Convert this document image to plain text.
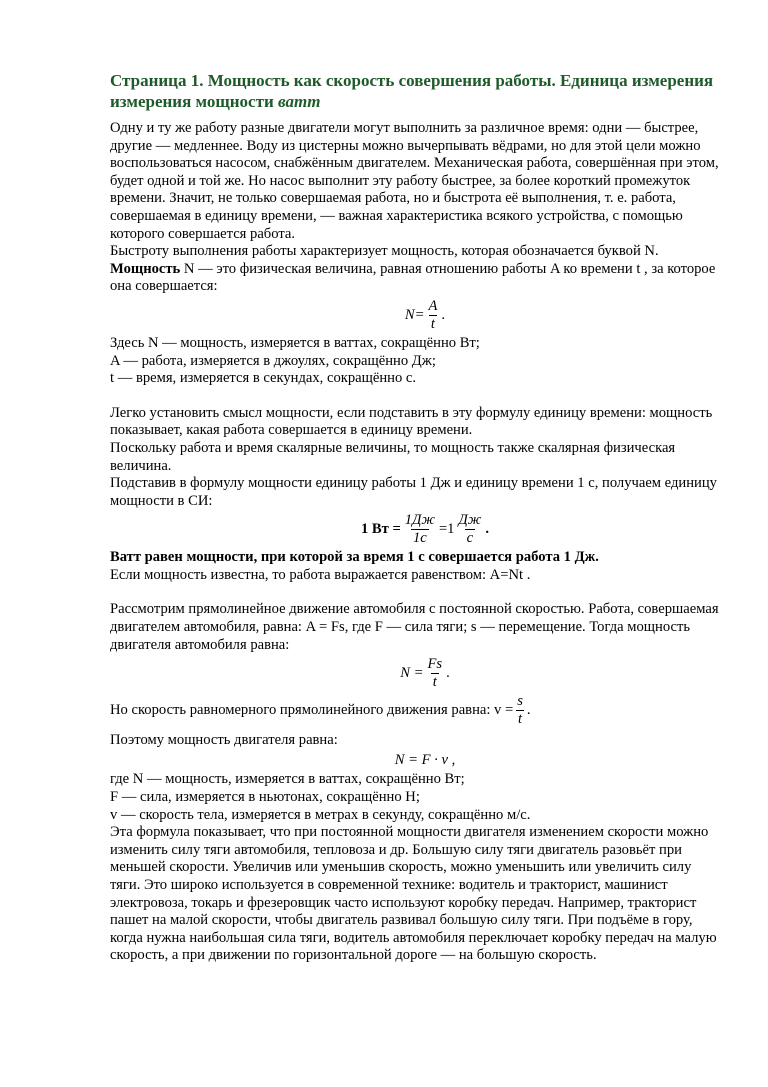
Страница 1. Мощность как скорость совершения работы. Единица измерения измерения мощности ватт

Одну и ту же работу разные двигатели могут выполнить за различное время: одни — быстрее, другие — медленнее. Воду из цистерны можно вычерпывать вёдрами, но для этой цели можно воспользоваться насосом, снабжённым двигателем. Механическая работа, совершённая при этом, будет одной и той же. Но насос выполнит эту работу быстрее, за более короткий промежуток времени. Значит, не только совершаемая работа, но и быстрота её выполнения, т. е. работа, совершаемая в единицу времени, — важная характеристика всякого устройства, с помощью которого совершается работа.

Быстроту выполнения работы характеризует мощность, которая обозначается буквой N.

Мощность N — это физическая величина, равная отношению работы A ко времени t , за которое она совершается:

$N= \frac{A}{t}$ .

Здесь N — мощность, измеряется в ваттах, сокращённо Вт;

A — работа, измеряется в джоулях, сокращённо Дж;

t — время, измеряется в секундах, сокращённо с.

Легко установить смысл мощности, если подставить в эту формулу единицу времени: мощность показывает, какая работа совершается в единицу времени.

Поскольку работа и время скалярные величины, то мощность также скалярная физическая величина.

Подставив в формулу мощности единицу работы 1 Дж и единицу времени 1 с, получаем единицу мощности в СИ:

1 Вт = $\frac{1Дж}{1с} =1 \frac{Дж}{с}$ .

Ватт равен мощности, при которой за время 1 с совершается работа 1 Дж.

Если мощность известна, то работа выражается равенством: A=Nt .

Рассмотрим прямолинейное движение автомобиля с постоянной скоростью. Работа, совершаемая двигателем автомобиля, равна: A = Fs, где F — сила тяги; s — перемещение. Тогда мощность двигателя автомобиля равна:

$N = \frac{Fs}{t}$ .

Но скорость равномерного прямолинейного движения равна: $v = \frac{s}{t}$ .

Поэтому мощность двигателя равна:

N = F · v ,

где N — мощность, измеряется в ваттах, сокращённо Вт;

F — сила, измеряется в ньютонах, сокращённо Н;

v — скорость тела, измеряется в метрах в секунду, сокращённо м/с.

Эта формула показывает, что при постоянной мощности двигателя изменением скорости можно изменить силу тяги автомобиля, тепловоза и др. Большую силу тяги двигатель разовьёт при меньшей скорости. Увеличив или уменьшив скорость, можно уменьшить или увеличить силу тяги. Это широко используется в современной технике: водитель и тракторист, машинист электровоза, токарь и фрезеровщик часто используют коробку передач. Например, тракторист пашет на малой скорости, чтобы двигатель развивал большую силу тяги. При подъёме в гору, когда нужна наибольшая сила тяги, водитель автомобиля переключает коробку передач на малую скорость, а при движении по горизонтальной дороге — на большую скорость.
